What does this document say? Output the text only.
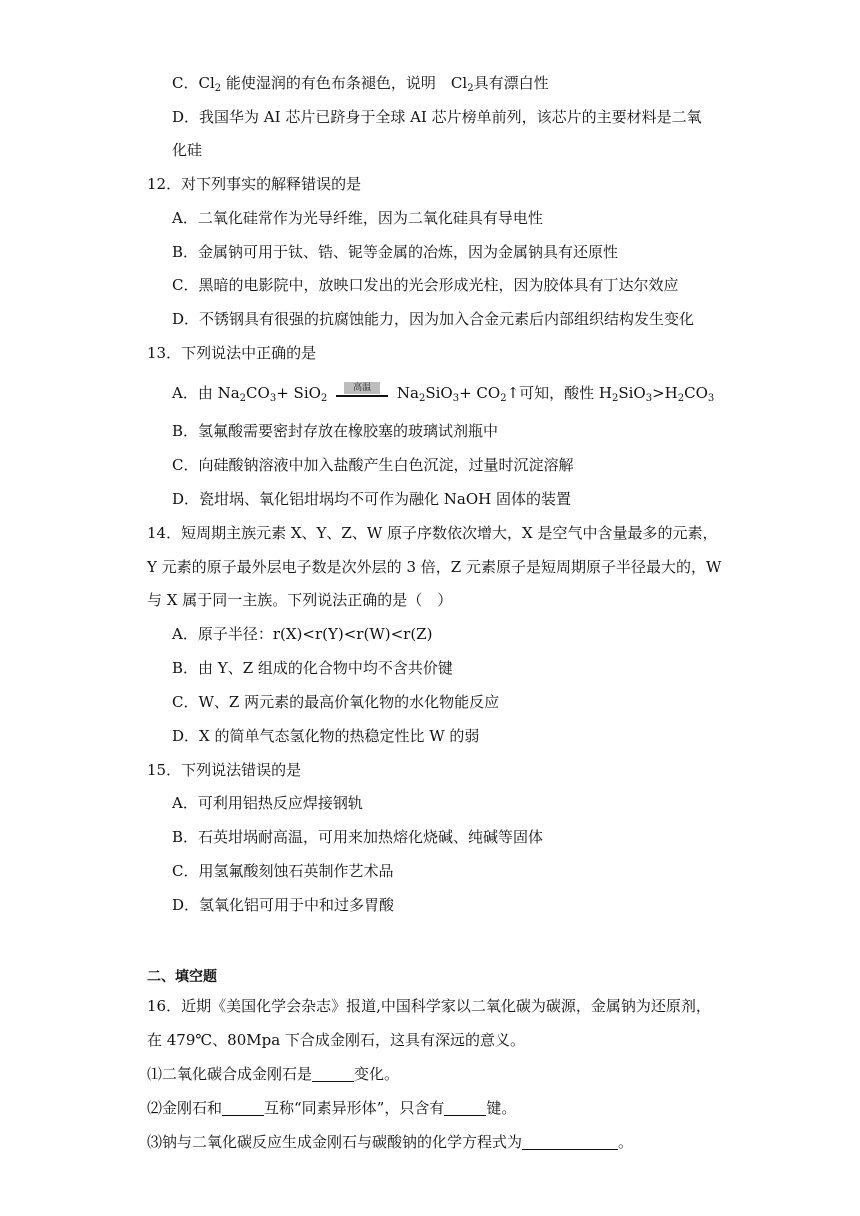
C．$Cl_2$ 能使湿润的有色布条褪色，说明　$Cl_2$具有漂白性
D．我国华为 AI 芯片已跻身于全球 AI 芯片榜单前列，该芯片的主要材料是二氧
化硅
12．对下列事实的解释错误的是
A．二氧化硅常作为光导纤维，因为二氧化硅具有导电性
B．金属钠可用于钛、锆、铌等金属的冶炼，因为金属钠具有还原性
C．黑暗的电影院中，放映口发出的光会形成光柱，因为胶体具有丁达尔效应
D．不锈钢具有很强的抗腐蚀能力，因为加入合金元素后内部组织结构发生变化
13．下列说法中正确的是
A．由 $Na_2CO_3+ SiO_2$
高温	$Na_2SiO_3+$ $CO_2↑$可知，酸性 $H_2SiO_3>H_2CO_3$
B．氢氟酸需要密封存放在橡胶塞的玻璃试剂瓶中
C．向硅酸钠溶液中加入盐酸产生白色沉淀，过量时沉淀溶解
D．瓷坩埚、氧化铝坩埚均不可作为融化 NaOH 固体的装置
14．短周期主族元素 X、Y、Z、W 原子序数依次增大，X 是空气中含量最多的元素，
Y 元素的原子最外层电子数是次外层的 3 倍，Z 元素原子是短周期原子半径最大的，W
与 X 属于同一主族。下列说法正确的是（　）
A．原子半径：r(X)<r(Y)<r(W)<r(Z)
B．由 Y、Z 组成的化合物中均不含共价键
C．W、Z 两元素的最高价氧化物的水化物能反应
D．X 的简单气态氢化物的热稳定性比 W 的弱
15．下列说法错误的是
A．可利用铝热反应焊接钢轨
B．石英坩埚耐高温，可用来加热熔化烧碱、纯碱等固体
C．用氢氟酸刻蚀石英制作艺术品
D．氢氧化铝可用于中和过多胃酸
二、填空题
16．近期《美国化学会杂志》报道,中国科学家以二氧化碳为碳源，金属钠为还原剂，
在 479℃、80Mpa 下合成金刚石，这具有深远的意义。
⑴二氧化碳合成金刚石是	变化。
⑵金刚石和	互称“同素异形体”，只含有	键。
⑶钠与二氧化碳反应生成金刚石与碳酸钠的化学方程式为	。
